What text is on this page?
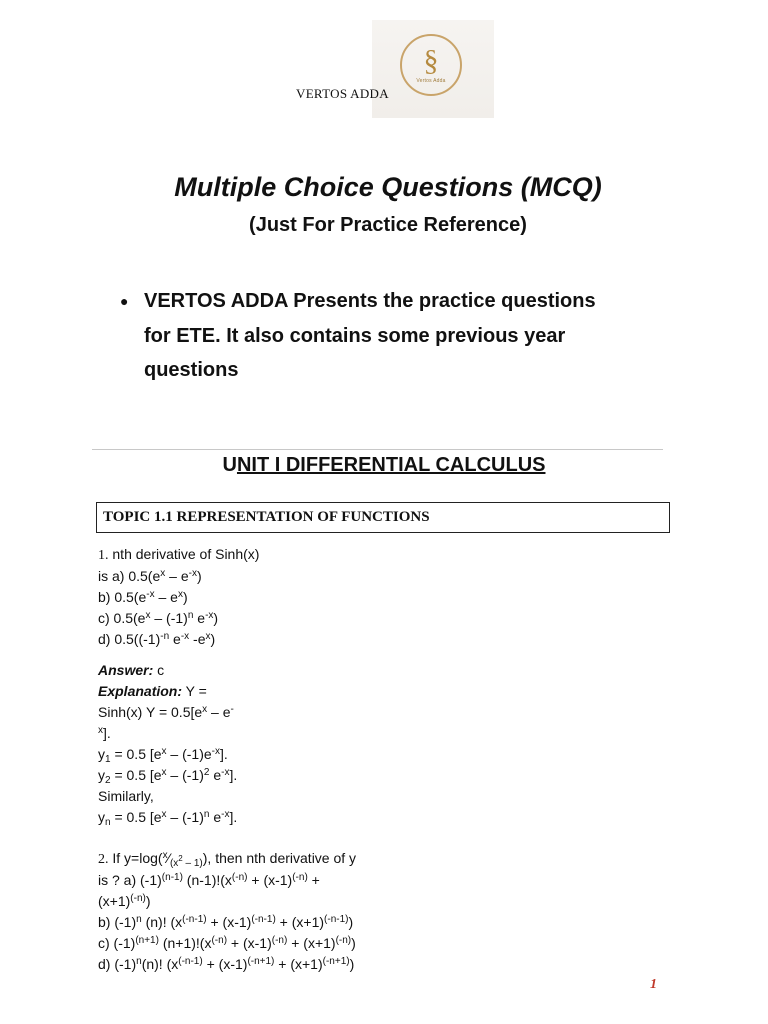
§
Vertos Adda
VERTOS ADDA
Multiple Choice Questions (MCQ)
(Just For Practice Reference)
● VERTOS ADDA Presents the practice questions for ETE. It also contains some previous year questions
UNIT I DIFFERENTIAL CALCULUS
TOPIC 1.1 REPRESENTATION OF FUNCTIONS
1. nth derivative of Sinh(x)
is a) $0.5(e^x - e^{-x})$
b) $0.5(e^{-x} - e^x)$
c) $0.5(e^x - (-1)^n$ $e^{-x}$)
d) $0.5((-1)^{-n}$ $e^{-x}$ $-e^x$)
Answer: c
Explanation: Y =
Sinh(x) $Y = 0.5[e^x - e^-$
$^x$].
$y_1 = 0.5$ $[e^x - (-1)e^{-x}]$.
$y_2 = 0.5$ [$e^x - (-1)^2$ $e^{-x}$].
Similarly,
$y_n = 0.5$ [$e^x - (-1)^n$ $e^{-x}$].
2. If $y=\log(^x⁄_{(x^2 - 1)})$, then nth derivative of y
is ? a) $(-1)^{(n-1)}$ $(n-1)!(x^{(-n)} + (x-1)^{(-n)}$ +
$(x+1)^{(-n)}$)
b) $(-1)^n$ (n)! $(x^{(-n-1)} + (x-1)^{(-n-1)} + (x+1)^{(-n-1)})$
c) $(-1)^{(n+1)}$ $(n+1)!(x^{(-n)} + (x-1)^{(-n)} + (x+1)^{(-n)})$
d) $(-1)^n(n)$! $(x^{(-n-1)} + (x-1)^{(-n+1)} + (x+1)^{(-n+1)})$
1
